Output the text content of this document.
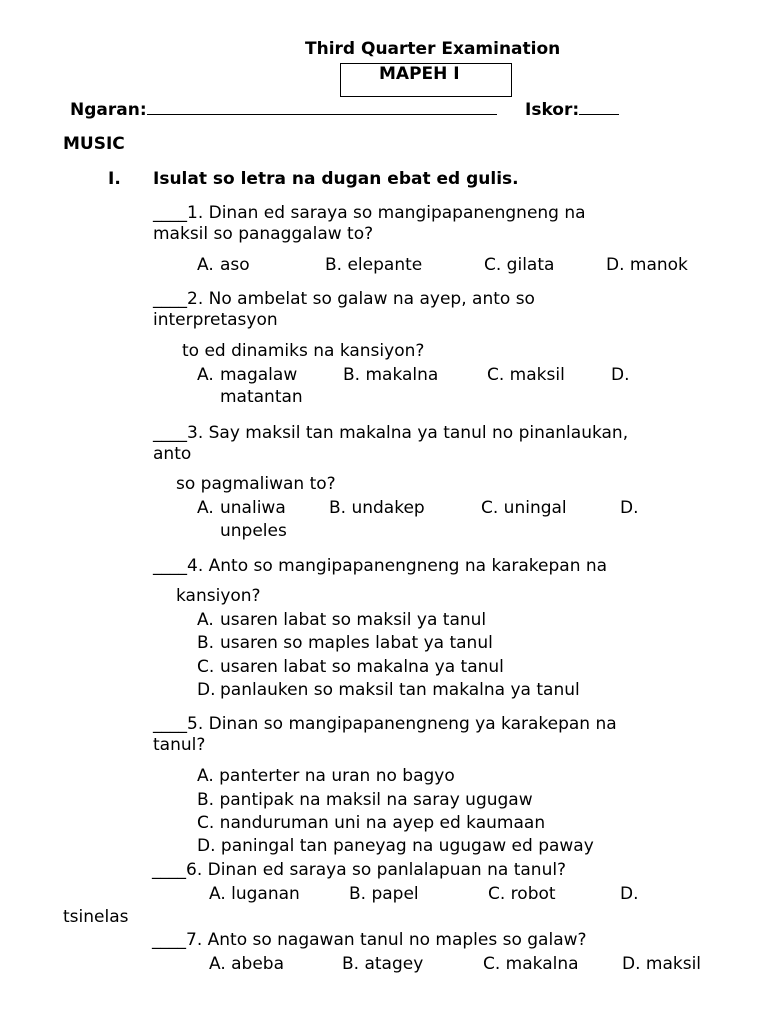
Third Quarter Examination
MAPEH I
Ngaran:	Iskor:
MUSIC
I. Isulat so letra na dugan ebat ed gulis.
____1. Dinan ed saraya so mangipapanengneng na
maksil so panaggalaw to?
A. aso	B. elepante	C. gilata	D. manok
____2. No ambelat so galaw na ayep, anto so
interpretasyon
to ed dinamiks na kansiyon?
A. magalaw	B. makalna	C. maksil	D.
matantan
____3. Say maksil tan makalna ya tanul no pinanlaukan,
anto
so pagmaliwan to?
A. unaliwa	B. undakep	C. uningal	D.
unpeles
____4. Anto so mangipapanengneng na karakepan na
kansiyon?
A. usaren labat so maksil ya tanul
B. usaren so maples labat ya tanul
C. usaren labat so makalna ya tanul
D. panlauken so maksil tan makalna ya tanul
____5. Dinan so mangipapanengneng ya karakepan na
tanul?
A. panterter na uran no bagyo
B. pantipak na maksil na saray ugugaw
C. nanduruman uni na ayep ed kaumaan
D. paningal tan paneyag na ugugaw ed paway
____6. Dinan ed saraya so panlalapuan na tanul?
A. luganan	B. papel	C. robot	D.
tsinelas
____7. Anto so nagawan tanul no maples so galaw?
A. abeba	B. atagey	C. makalna	D. maksil
